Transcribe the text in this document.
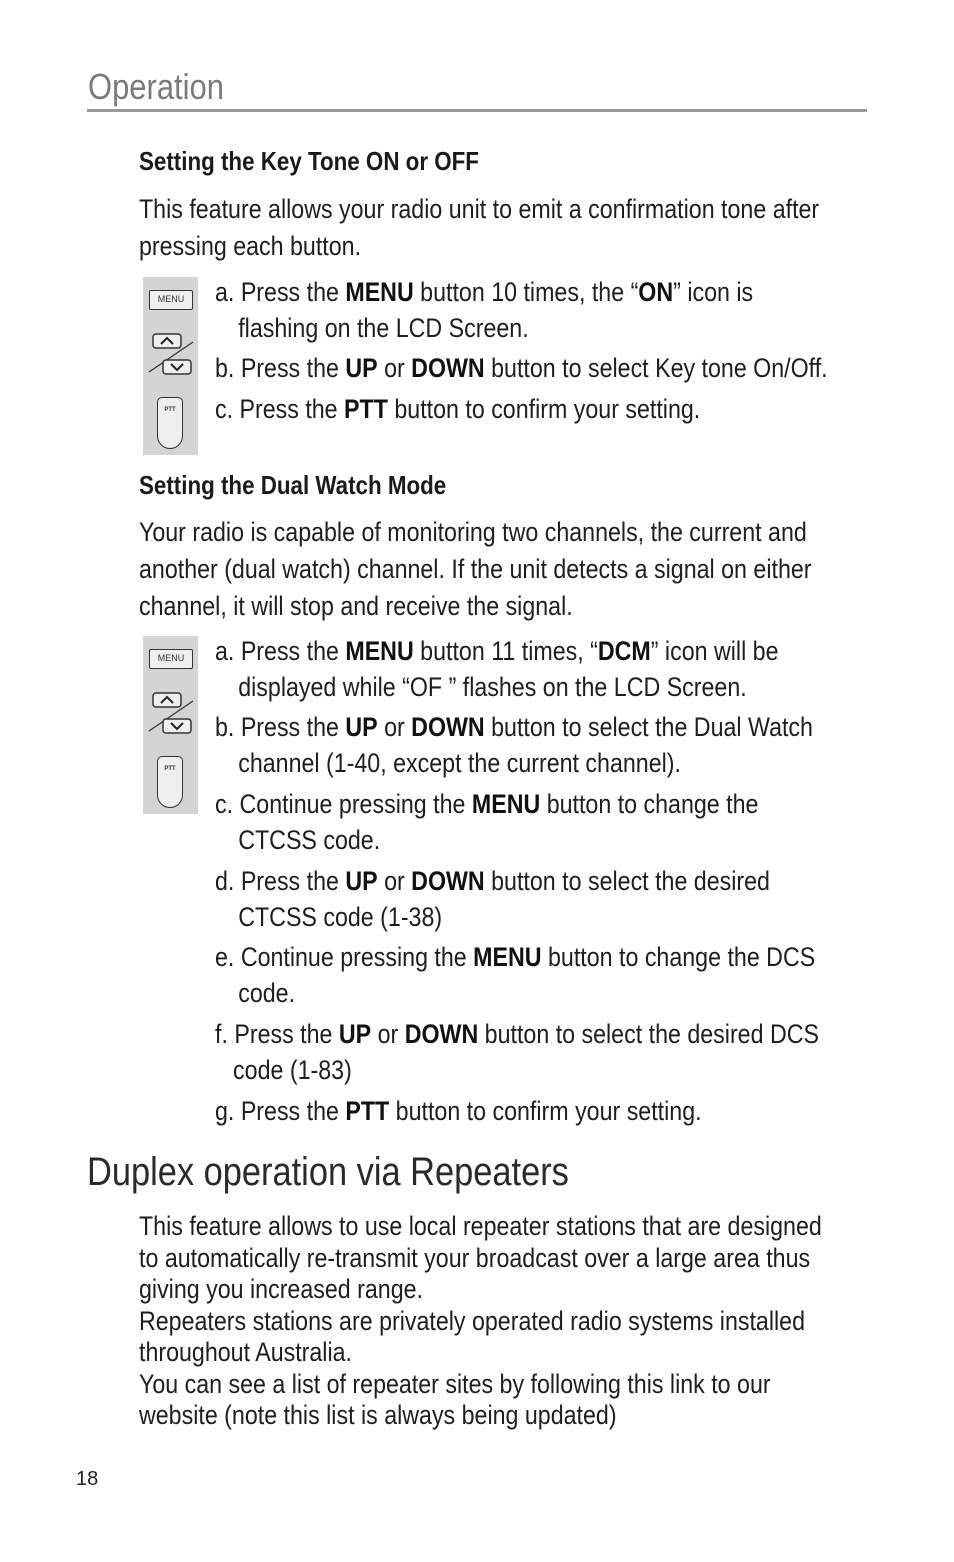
Operation
Setting the Key Tone ON or OFF
This feature allows your radio unit to emit a confirmation tone after
pressing each button.
MENU
PTT
a. Press the MENU button 10 times, the “ON” icon is
flashing on the LCD Screen.
b. Press the UP or DOWN button to select Key tone On/Off.
c. Press the PTT button to confirm your setting.
Setting the Dual Watch Mode
Your radio is capable of monitoring two channels, the current and
another (dual watch) channel. If the unit detects a signal on either
channel, it will stop and receive the signal.
MENU
PTT
a. Press the MENU button 11 times, “DCM” icon will be
displayed while “OF ” flashes on the LCD Screen.
b. Press the UP or DOWN button to select the Dual Watch
channel (1-40, except the current channel).
c. Continue pressing the MENU button to change the
CTCSS code.
d. Press the UP or DOWN button to select the desired
CTCSS code (1-38)
e. Continue pressing the MENU button to change the DCS
code.
f. Press the UP or DOWN button to select the desired DCS
code (1-83)
g. Press the PTT button to confirm your setting.
Duplex operation via Repeaters
This feature allows to use local repeater stations that are designed
to automatically re-transmit your broadcast over a large area thus
giving you increased range.
Repeaters stations are privately operated radio systems installed
throughout Australia.
You can see a list of repeater sites by following this link to our
website (note this list is always being updated)
18
